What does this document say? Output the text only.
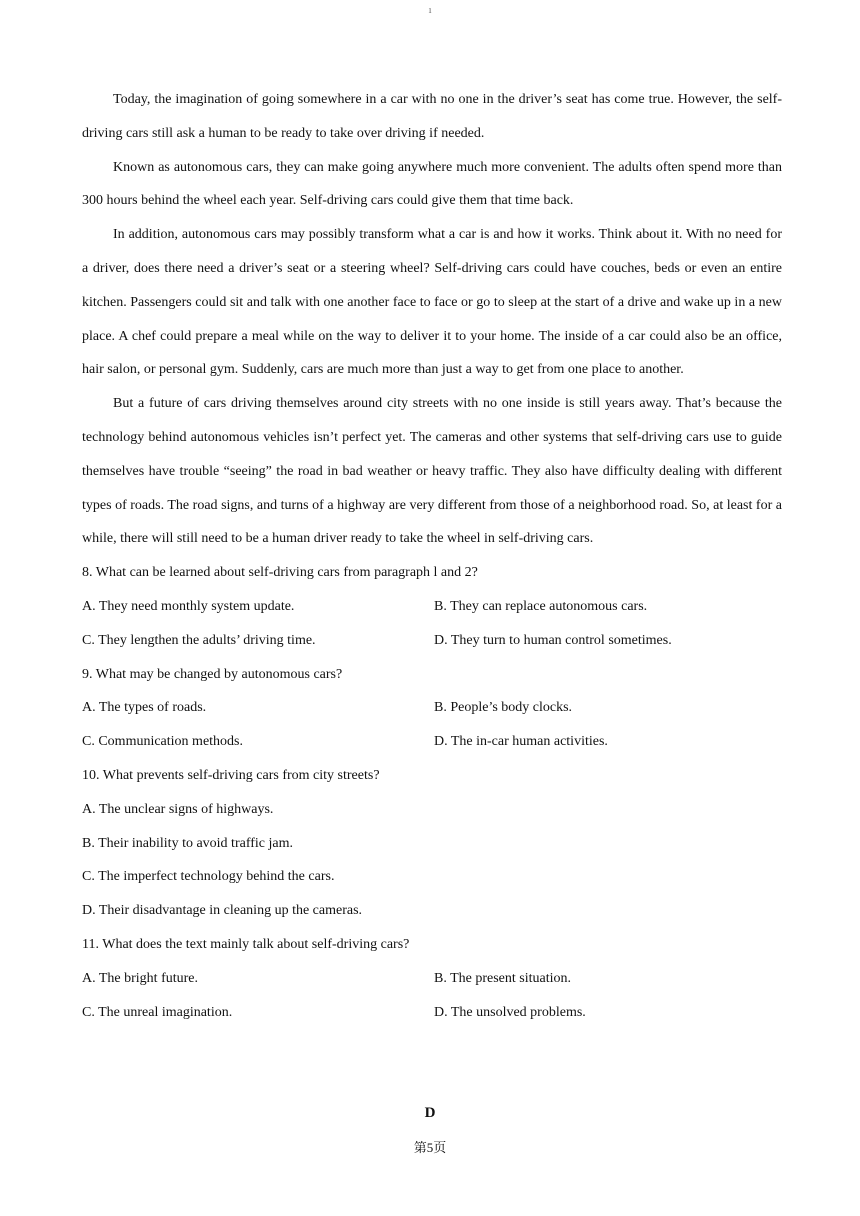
1

Today, the imagination of going somewhere in a car with no one in the driver’s seat has come true. However, the self-driving cars still ask a human to be ready to take over driving if needed.

Known as autonomous cars, they can make going anywhere much more convenient. The adults often spend more than 300 hours behind the wheel each year. Self-driving cars could give them that time back.

In addition, autonomous cars may possibly transform what a car is and how it works. Think about it. With no need for a driver, does there need a driver’s seat or a steering wheel? Self-driving cars could have couches, beds or even an entire kitchen. Passengers could sit and talk with one another face to face or go to sleep at the start of a drive and wake up in a new place. A chef could prepare a meal while on the way to deliver it to your home. The inside of a car could also be an office, hair salon, or personal gym. Suddenly, cars are much more than just a way to get from one place to another.

But a future of cars driving themselves around city streets with no one inside is still years away. That’s because the technology behind autonomous vehicles isn’t perfect yet. The cameras and other systems that self-driving cars use to guide themselves have trouble “seeing” the road in bad weather or heavy traffic. They also have difficulty dealing with different types of roads. The road signs, and turns of a highway are very different from those of a neighborhood road. So, at least for a while, there will still need to be a human driver ready to take the wheel in self-driving cars.

8. What can be learned about self-driving cars from paragraph l and 2?

A. They need monthly system update.	B. They can replace autonomous cars.
C. They lengthen the adults’ driving time.	D. They turn to human control sometimes.

9. What may be changed by autonomous cars?

A. The types of roads.	B. People’s body clocks.
C. Communication methods.	D. The in-car human activities.

10. What prevents self-driving cars from city streets?

A. The unclear signs of highways.

B. Their inability to avoid traffic jam.

C. The imperfect technology behind the cars.

D. Their disadvantage in cleaning up the cameras.

11. What does the text mainly talk about self-driving cars?

A. The bright future.	B. The present situation.
C. The unreal imagination.	D. The unsolved problems.
D
第5页
